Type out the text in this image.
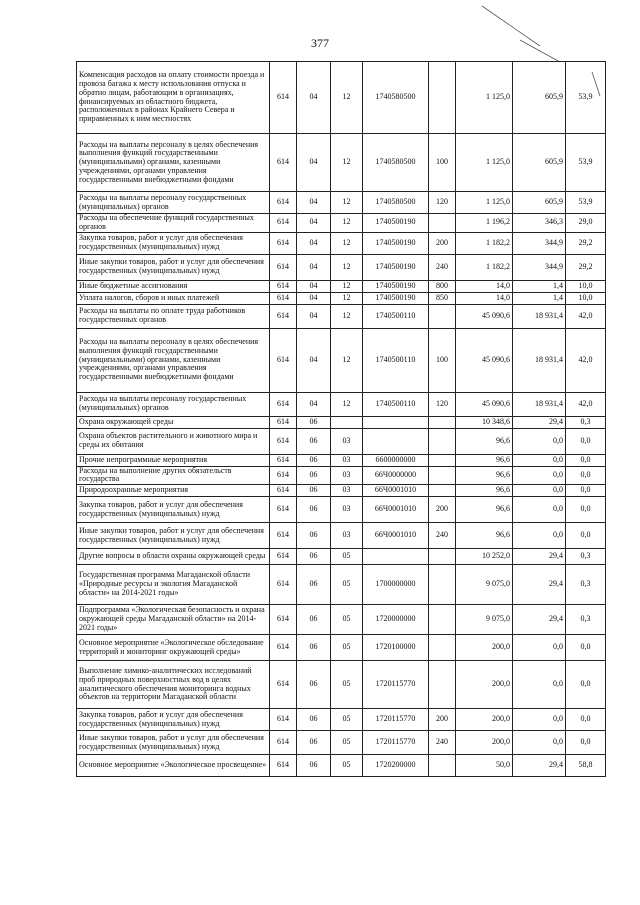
377
Компенсация расходов на оплату стоимости проезда и провоза багажа к месту использования отпуска и обратно лицам, работающим в организациях, финансируемых из областного бюджета, расположенных в районах Крайнего Севера и приравненных к ним местностях	614	04	12	1740580500		1 125,0	605,9	53,9
Расходы на выплаты персоналу в целях обеспечения выполнения функций государственными (муниципальными) органами, казенными учреждениями, органами управления государственными внебюджетными фондами	614	04	12	1740580500	100	1 125,0	605,9	53,9
Расходы на выплаты персоналу государственных (муниципальных) органов	614	04	12	1740580500	120	1 125,0	605,9	53,9
Расходы на обеспечение функций государственных органов	614	04	12	1740500190		1 196,2	346,3	29,0
Закупка товаров, работ и услуг для обеспечения государственных (муниципальных) нужд	614	04	12	1740500190	200	1 182,2	344,9	29,2
Иные закупки товаров, работ и услуг для обеспечения государственных (муниципальных) нужд	614	04	12	1740500190	240	1 182,2	344,9	29,2
Иные бюджетные ассигнования	614	04	12	1740500190	800	14,0	1,4	10,0
Уплата налогов, сборов и иных платежей	614	04	12	1740500190	850	14,0	1,4	10,0
Расходы на выплаты по оплате труда работников государственных органов	614	04	12	1740500110		45 090,6	18 931,4	42,0
Расходы на выплаты персоналу в целях обеспечения выполнения функций государственными (муниципальными) органами, казенными учреждениями, органами управления государственными внебюджетными фондами	614	04	12	1740500110	100	45 090,6	18 931,4	42,0
Расходы на выплаты персоналу государственных (муниципальных) органов	614	04	12	1740500110	120	45 090,6	18 931,4	42,0
Охрана окружающей среды	614	06				10 348,6	29,4	0,3
Охрана объектов растительного и животного мира и среды их обитания	614	06	03			96,6	0,0	0,0
Прочие непрограммные мероприятия	614	06	03	6600000000		96,6	0,0	0,0
Расходы на выполнение других обязательств государства	614	06	03	66Ч0000000		96,6	0,0	0,0
Природоохранные мероприятия	614	06	03	66Ч0001010		96,6	0,0	0,0
Закупка товаров, работ и услуг для обеспечения государственных (муниципальных) нужд	614	06	03	66Ч0001010	200	96,6	0,0	0,0
Иные закупки товаров, работ и услуг для обеспечения государственных (муниципальных) нужд	614	06	03	66Ч0001010	240	96,6	0,0	0,0
Другие вопросы в области охраны окружающей среды	614	06	05			10 252,0	29,4	0,3
Государственная программа Магаданской области «Природные ресурсы и экология Магаданской области» на 2014-2021 годы»	614	06	05	1700000000		9 075,0	29,4	0,3
Подпрограмма «Экологическая безопасность и охрана окружающей среды Магаданской области» на 2014-2021 годы»	614	06	05	1720000000		9 075,0	29,4	0,3
Основное мероприятие «Экологическое обследование территорий и мониторинг окружающей среды»	614	06	05	1720100000		200,0	0,0	0,0
Выполнение химико-аналитических исследований проб природных поверхностных вод в целях аналитического обеспечения мониторинга водных объектов на территории Магаданской области	614	06	05	1720115770		200,0	0,0	0,0
Закупка товаров, работ и услуг для обеспечения государственных (муниципальных) нужд	614	06	05	1720115770	200	200,0	0,0	0,0
Иные закупки товаров, работ и услуг для обеспечения государственных (муниципальных) нужд	614	06	05	1720115770	240	200,0	0,0	0,0
Основное мероприятие «Экологическое просвещение»	614	06	05	1720200000		50,0	29,4	58,8
